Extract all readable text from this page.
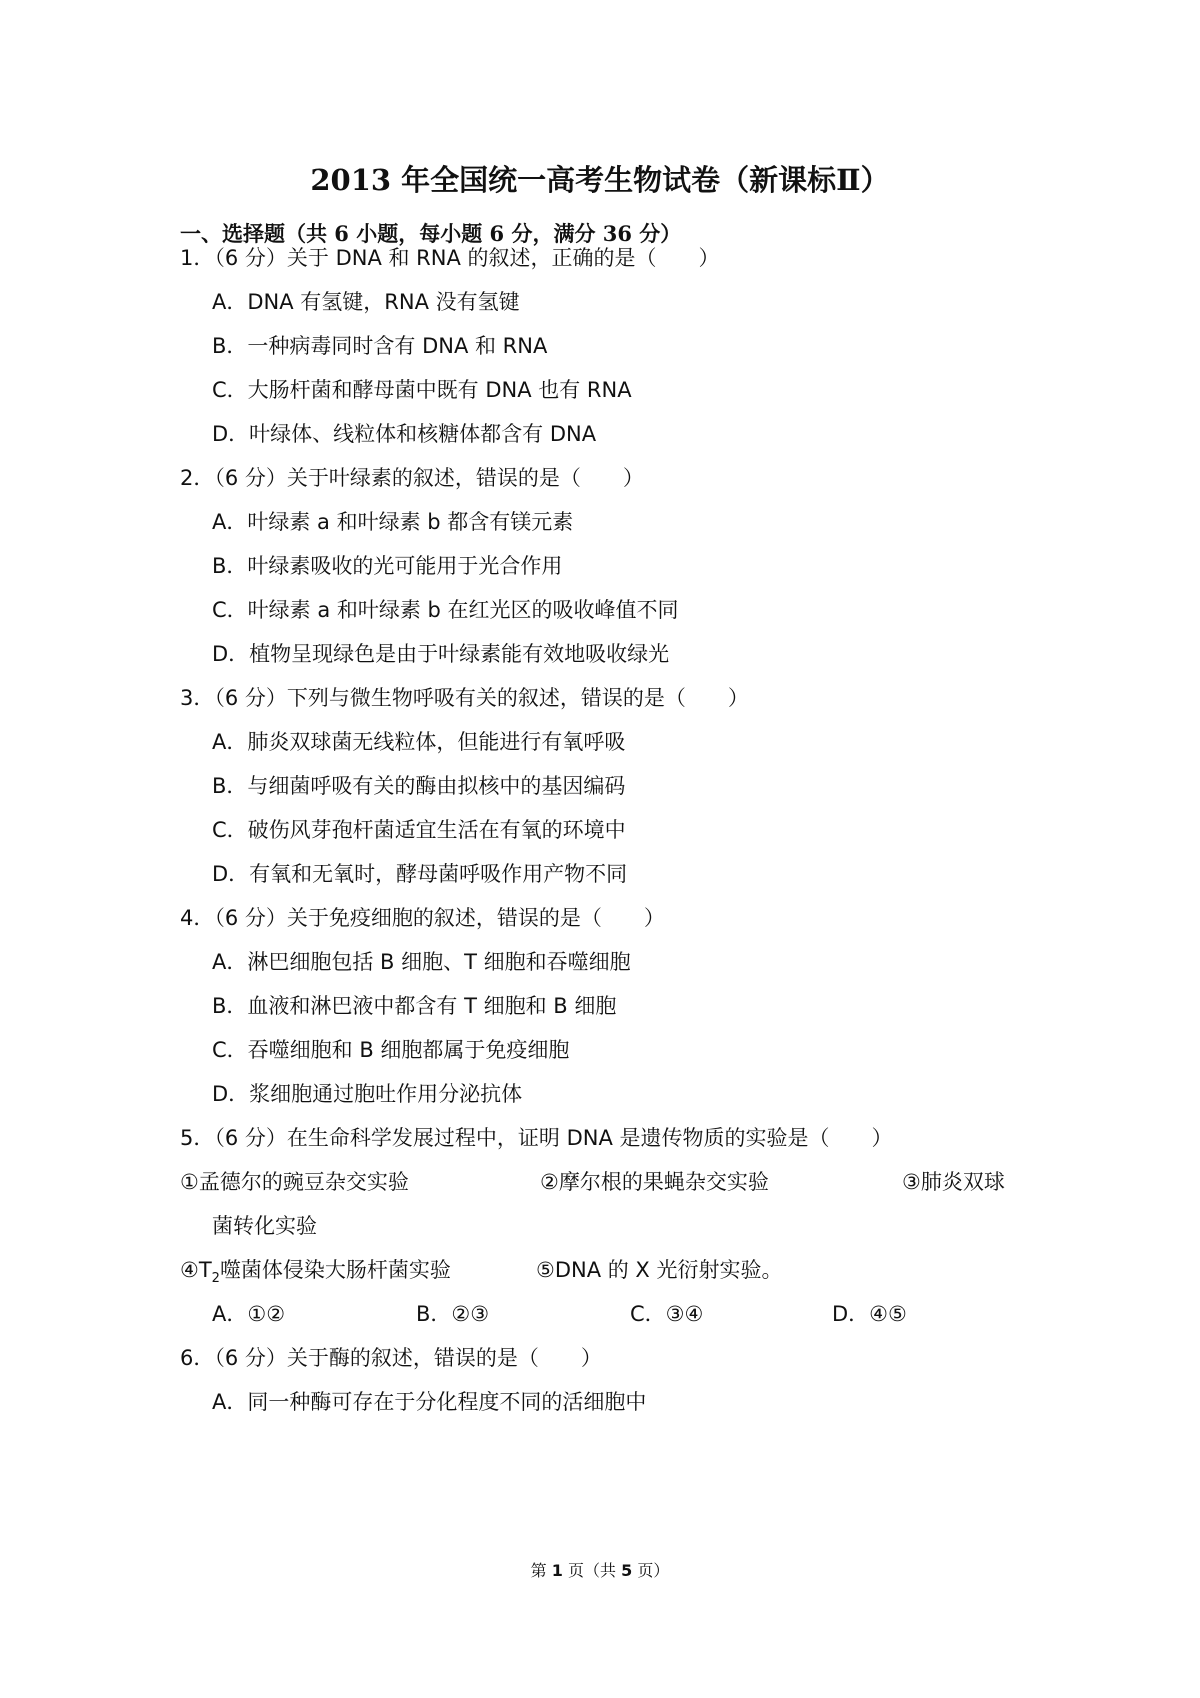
2013 年全国统一高考生物试卷（新课标Ⅱ）
一、选择题（共 6 小题，每小题 6 分，满分 36 分）
1．（6 分）关于 DNA 和 RNA 的叙述，正确的是（　　）
A．DNA 有氢键，RNA 没有氢键
B．一种病毒同时含有 DNA 和 RNA
C．大肠杆菌和酵母菌中既有 DNA 也有 RNA
D．叶绿体、线粒体和核糖体都含有 DNA
2．（6 分）关于叶绿素的叙述，错误的是（　　）
A．叶绿素 a 和叶绿素 b 都含有镁元素
B．叶绿素吸收的光可能用于光合作用
C．叶绿素 a 和叶绿素 b 在红光区的吸收峰值不同
D．植物呈现绿色是由于叶绿素能有效地吸收绿光
3．（6 分）下列与微生物呼吸有关的叙述，错误的是（　　）
A．肺炎双球菌无线粒体，但能进行有氧呼吸
B．与细菌呼吸有关的酶由拟核中的基因编码
C．破伤风芽孢杆菌适宜生活在有氧的环境中
D．有氧和无氧时，酵母菌呼吸作用产物不同
4．（6 分）关于免疫细胞的叙述，错误的是（　　）
A．淋巴细胞包括 B 细胞、T 细胞和吞噬细胞
B．血液和淋巴液中都含有 T 细胞和 B 细胞
C．吞噬细胞和 B 细胞都属于免疫细胞
D．浆细胞通过胞吐作用分泌抗体
5．（6 分）在生命科学发展过程中，证明 DNA 是遗传物质的实验是（　　）
①孟德尔的豌豆杂交实验	②摩尔根的果蝇杂交实验	③肺炎双球
菌转化实验
$④T_2$噬菌体侵染大肠杆菌实验	⑤DNA 的 X 光衍射实验。
A．①②	B．②③	C．③④	D．④⑤
6．（6 分）关于酶的叙述，错误的是（　　）
A．同一种酶可存在于分化程度不同的活细胞中
第 1 页（共 5 页）
